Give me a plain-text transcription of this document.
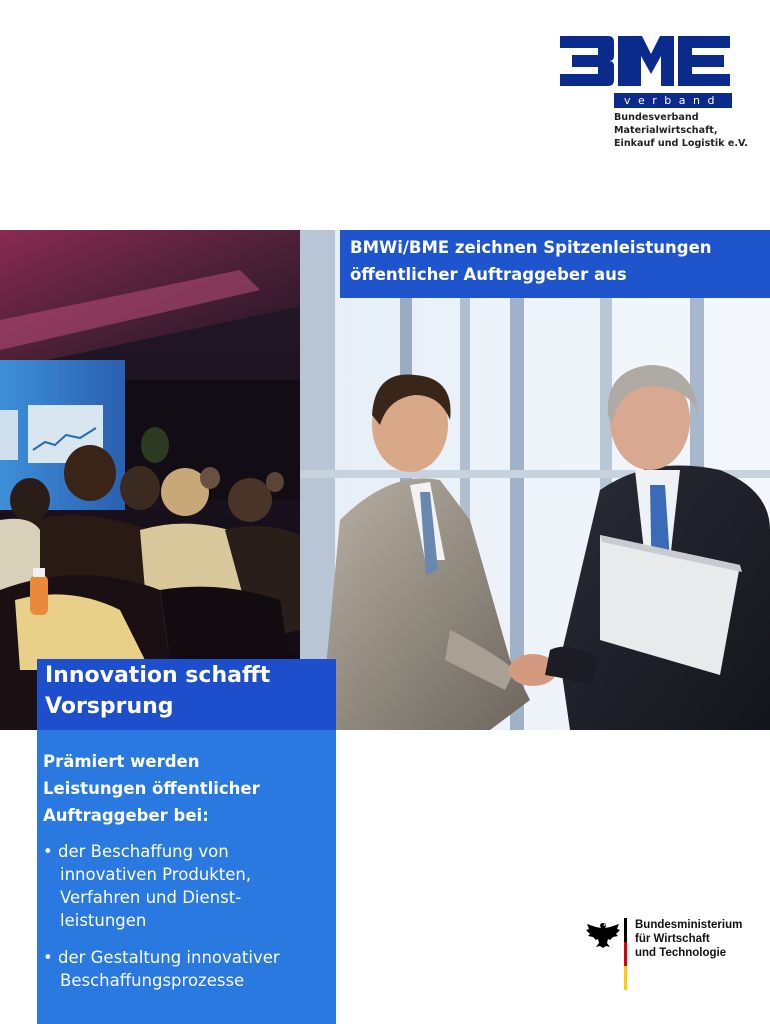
verband
Bundesverband
Materialwirtschaft,
Einkauf und Logistik e.V.
BMWi/BME zeichnen Spitzenleistungen
öffentlicher Auftraggeber aus
Innovation schafft
Vorsprung
Prämiert werden
Leistungen öffentlicher
Auftraggeber bei:
• der Beschaffung von
innovativen Produkten,
Verfahren und Dienst-
leistungen
• der Gestaltung innovativer
Beschaffungsprozesse
Bundesministerium
für Wirtschaft
und Technologie
